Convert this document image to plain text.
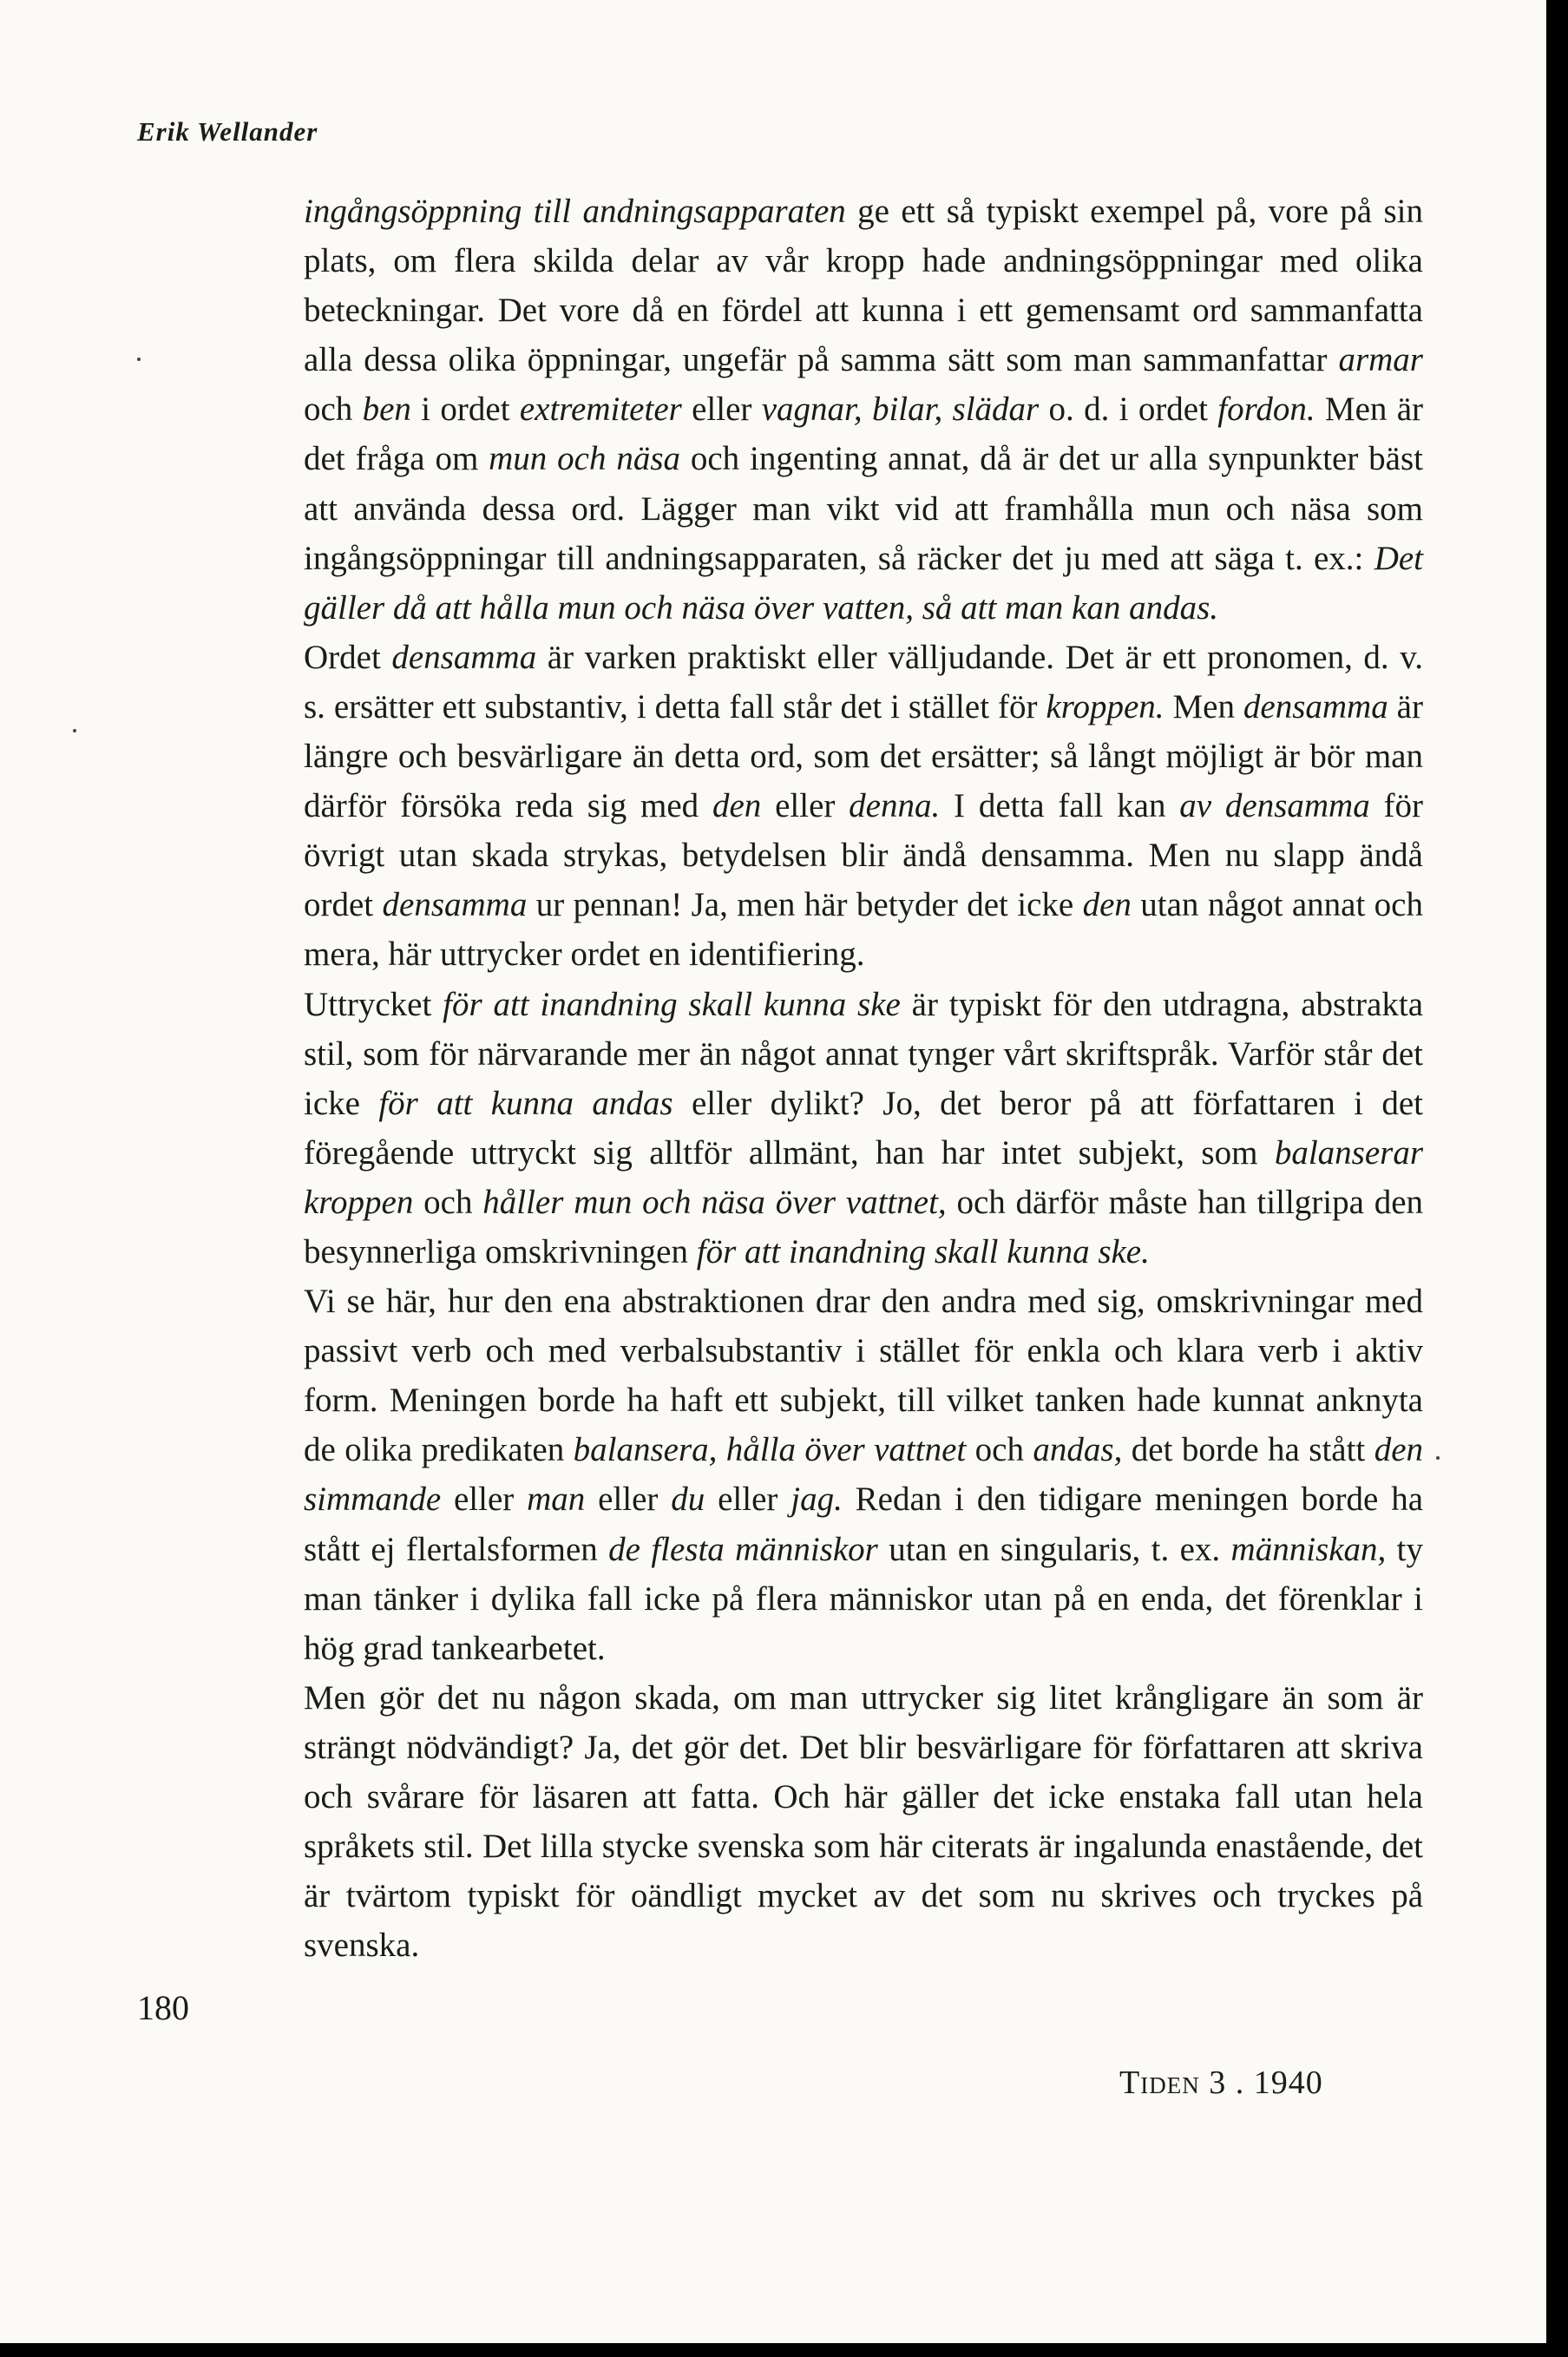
Erik Wellander

ingångsöppning till andningsapparaten ge ett så typiskt exempel på, vore på sin plats, om flera skilda delar av vår kropp hade andningsöppningar med olika beteckningar. Det vore då en fördel att kunna i ett gemensamt ord sammanfatta alla dessa olika öppningar, ungefär på samma sätt som man sammanfattar armar och ben i ordet extremiteter eller vagnar, bilar, slädar o. d. i ordet fordon. Men är det fråga om mun och näsa och ingenting annat, då är det ur alla synpunkter bäst att använda dessa ord. Lägger man vikt vid att framhålla mun och näsa som ingångsöppningar till andningsapparaten, så räcker det ju med att säga t. ex.: Det gäller då att hålla mun och näsa över vatten, så att man kan andas.

Ordet densamma är varken praktiskt eller välljudande. Det är ett pronomen, d. v. s. ersätter ett substantiv, i detta fall står det i stället för kroppen. Men densamma är längre och besvärligare än detta ord, som det ersätter; så långt möjligt är bör man därför försöka reda sig med den eller denna. I detta fall kan av densamma för övrigt utan skada strykas, betydelsen blir ändå densamma. Men nu slapp ändå ordet densamma ur pennan! Ja, men här betyder det icke den utan något annat och mera, här uttrycker ordet en identifiering.

Uttrycket för att inandning skall kunna ske är typiskt för den utdragna, abstrakta stil, som för närvarande mer än något annat tynger vårt skriftspråk. Varför står det icke för att kunna andas eller dylikt? Jo, det beror på att författaren i det föregående uttryckt sig alltför allmänt, han har intet subjekt, som balanserar kroppen och håller mun och näsa över vattnet, och därför måste han tillgripa den besynnerliga omskrivningen för att inandning skall kunna ske.

Vi se här, hur den ena abstraktionen drar den andra med sig, omskrivningar med passivt verb och med verbalsubstantiv i stället för enkla och klara verb i aktiv form. Meningen borde ha haft ett subjekt, till vilket tanken hade kunnat anknyta de olika predikaten balansera, hålla över vattnet och andas, det borde ha stått den simmande eller man eller du eller jag. Redan i den tidigare meningen borde ha stått ej flertalsformen de flesta människor utan en singularis, t. ex. människan, ty man tänker i dylika fall icke på flera människor utan på en enda, det förenklar i hög grad tankearbetet.

Men gör det nu någon skada, om man uttrycker sig litet krångligare än som är strängt nödvändigt? Ja, det gör det. Det blir besvärligare för författaren att skriva och svårare för läsaren att fatta. Och här gäller det icke enstaka fall utan hela språkets stil. Det lilla stycke svenska som här citerats är ingalunda enastående, det är tvärtom typiskt för oändligt mycket av det som nu skrives och tryckes på svenska.

180
Tiden 3 . 1940
